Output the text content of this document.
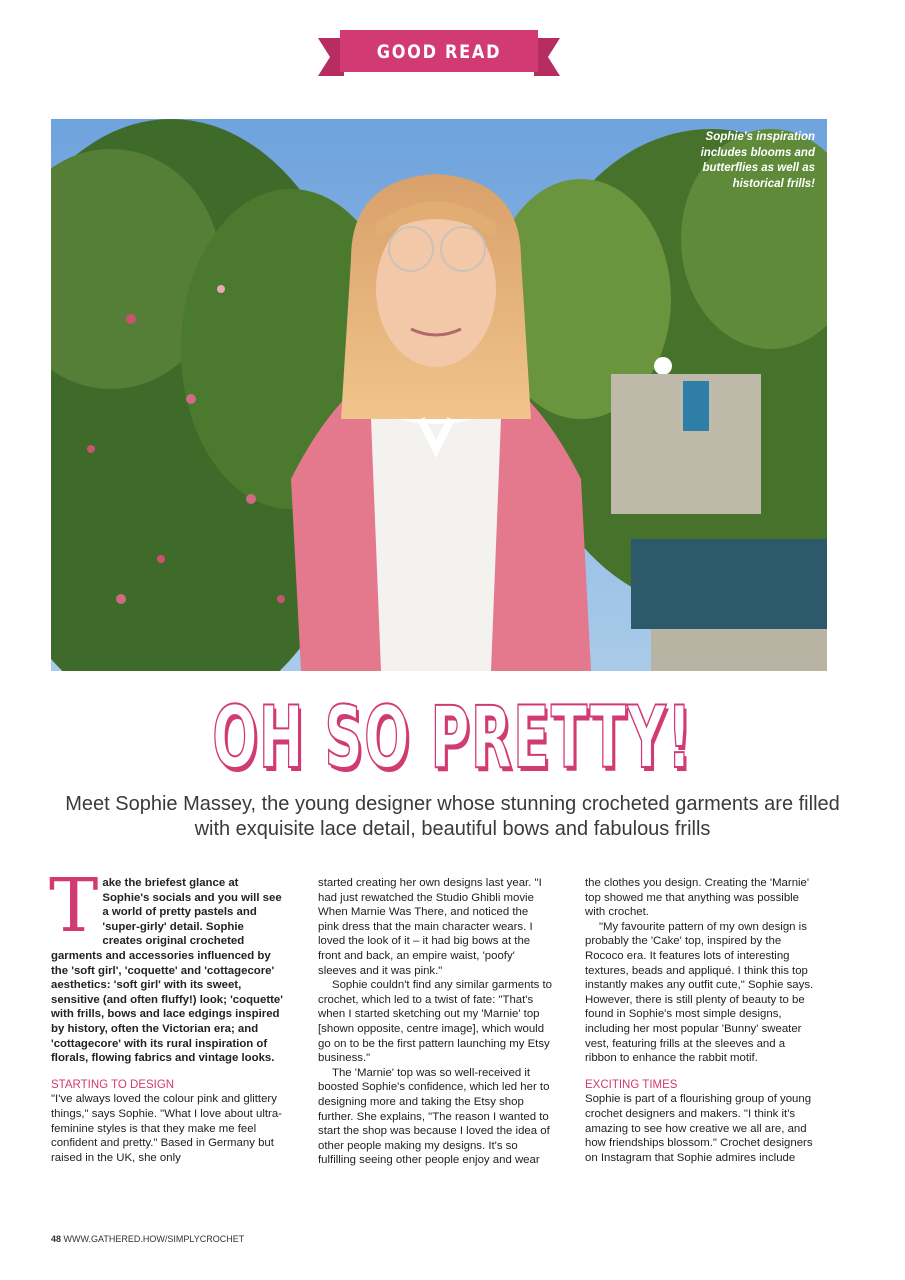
GOOD READ
Sophie's inspiration includes blooms and butterflies as well as historical frills!
OH SO PRETTY!
Meet Sophie Massey, the young designer whose stunning crocheted garments are filled with exquisite lace detail, beautiful bows and fabulous frills

Take the briefest glance at Sophie's socials and you will see a world of pretty pastels and 'super-girly' detail. Sophie creates original crocheted garments and accessories influenced by the 'soft girl', 'coquette' and 'cottagecore' aesthetics: 'soft girl' with its sweet, sensitive (and often fluffy!) look; 'coquette' with frills, bows and lace edgings inspired by history, often the Victorian era; and 'cottagecore' with its rural inspiration of florals, flowing fabrics and vintage looks.

STARTING TO DESIGN

"I've always loved the colour pink and glittery things," says Sophie. "What I love about ultra-feminine styles is that they make me feel confident and pretty." Based in Germany but raised in the UK, she only

started creating her own designs last year. "I had just rewatched the Studio Ghibli movie When Marnie Was There, and noticed the pink dress that the main character wears. I loved the look of it – it had big bows at the front and back, an empire waist, 'poofy' sleeves and it was pink."

Sophie couldn't find any similar garments to crochet, which led to a twist of fate: "That's when I started sketching out my 'Marnie' top [shown opposite, centre image], which would go on to be the first pattern launching my Etsy business."

The 'Marnie' top was so well-received it boosted Sophie's confidence, which led her to designing more and taking the Etsy shop further. She explains, "The reason I wanted to start the shop was because I loved the idea of other people making my designs. It's so fulfilling seeing other people enjoy and wear

the clothes you design. Creating the 'Marnie' top showed me that anything was possible with crochet.

"My favourite pattern of my own design is probably the 'Cake' top, inspired by the Rococo era. It features lots of interesting textures, beads and appliqué. I think this top instantly makes any outfit cute," Sophie says. However, there is still plenty of beauty to be found in Sophie's most simple designs, including her most popular 'Bunny' sweater vest, featuring frills at the sleeves and a ribbon to enhance the rabbit motif.

EXCITING TIMES

Sophie is part of a flourishing group of young crochet designers and makers. "I think it's amazing to see how creative we all are, and how friendships blossom." Crochet designers on Instagram that Sophie admires include

48 WWW.GATHERED.HOW/SIMPLYCROCHET
